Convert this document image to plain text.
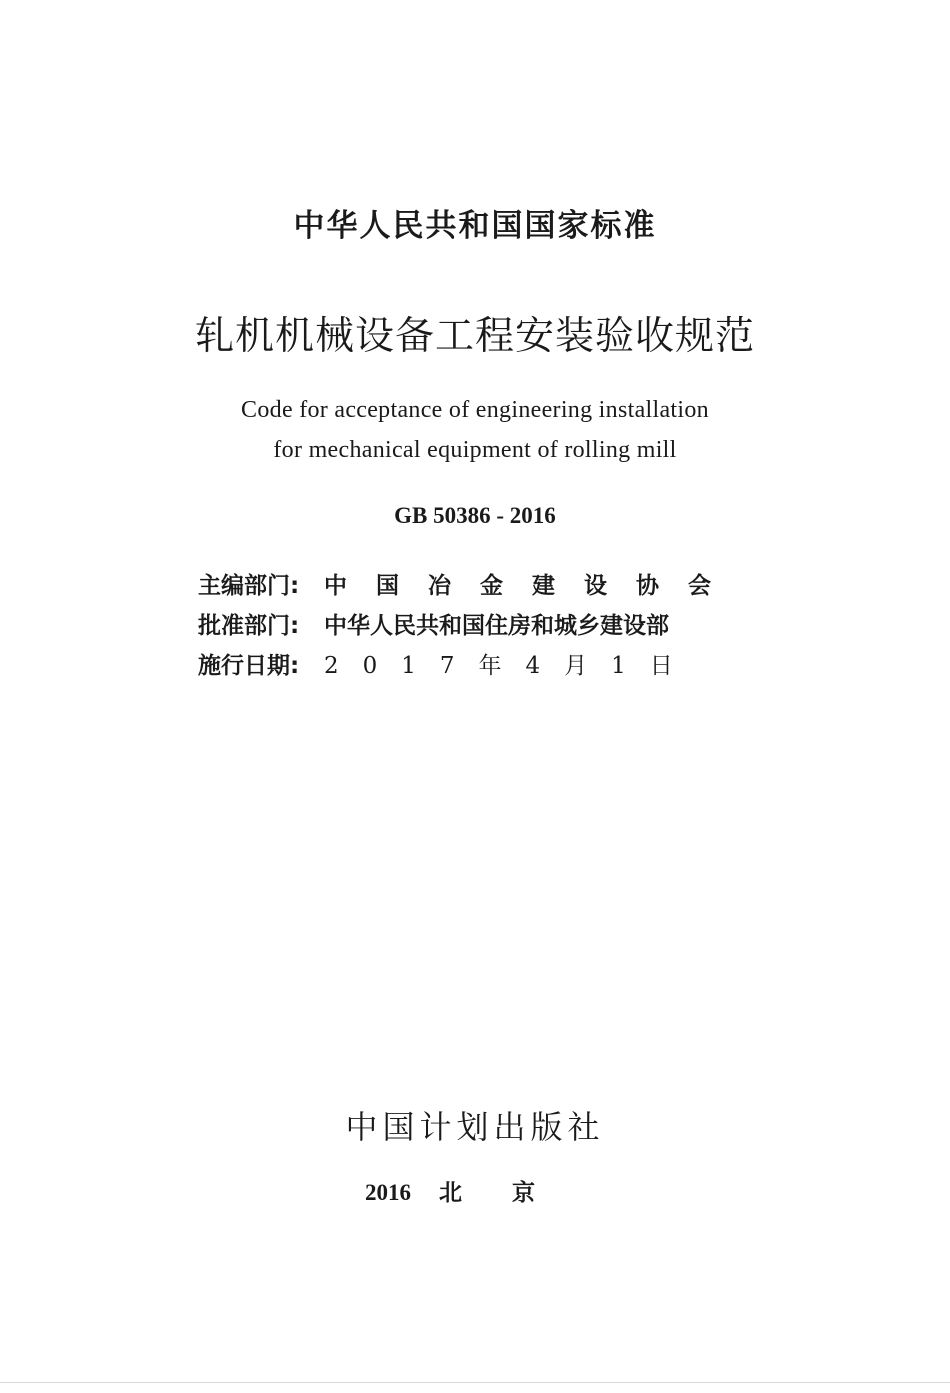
中华人民共和国国家标准
轧机机械设备工程安装验收规范
Code for acceptance of engineering installation
for mechanical equipment of rolling mill
GB 50386 - 2016
主编部门: 中国冶金建设协会
批准部门: 中华人民共和国住房和城乡建设部
施行日期: 2017年4月1日
中国计划出版社
2016 北京
